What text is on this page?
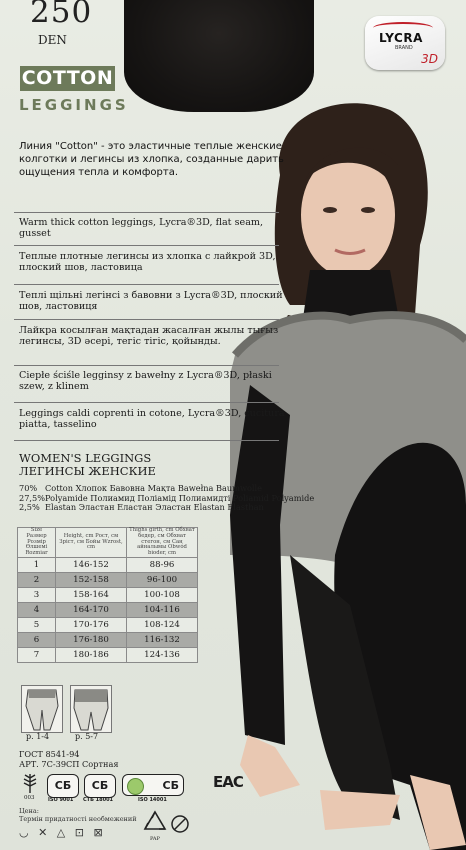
250
DEN	LYCRA
BRAND
3D
COTTON
LEGGINGS
Линия "Cotton" - это эластичные теплые женские колготки и легинсы из хлопка, созданные дарить ощущения тепла и комфорта.
Warm thick cotton leggings, Lycra®3D, flat seam, gusset
Теплые плотные легинсы из хлопка с лайкрой 3D, плоский шов, ластовица
Теплі щільні легінсі з бавовни з Lycra®3D, плоский шов, ластовиця
Лайкра косылған мақтадан жасалған жылы тығыз легинсы, 3D әсері, тегіс тігіс, қойынды.
Ciepłe ściśle legginsy z bawełny z Lycra®3D, płaski szew, z klinem
Leggings caldi coprenti in cotone, Lycra®3D, cucitura piatta, tasselino
WOMEN'S LEGGINGS
ЛЕГИНСЫ ЖЕНСКИЕ
70% Cotton Хлопок Бавовна Мақта Bawełna Baumwolle
27,5%Polyamide Полиамид Поліамід Полиамидті Poliamid Polyamide
2,5% Elastan Эластан Еластан Эластан Elastan Elasthan
Size Размер Розмір Өлшемі Rozmiar	Height, cm Рост, см Зріст, см Бойы Wzrost, cm	Thighs girth, cm Обхват бедер, см Обхват стегон, см Сан айналымы Obwód bioder, cm
1	146-152	88-96
2	152-158	96-100
3	158-164	100-108
4	164-170	104-116
5	170-176	108-124
6	176-180	116-132
7	180-186	124-136
р. 1-4	р. 5-7
ГОСТ 8541-94
АРТ. 7С-39СП Сортная
003
СБ
ISO 9001
СБ
СТБ 18001
СБ
ISO 14001
EAC
Цена:
Термін придатності необмежений
◡ ✕ △ ⊡ ⊠	PAP
